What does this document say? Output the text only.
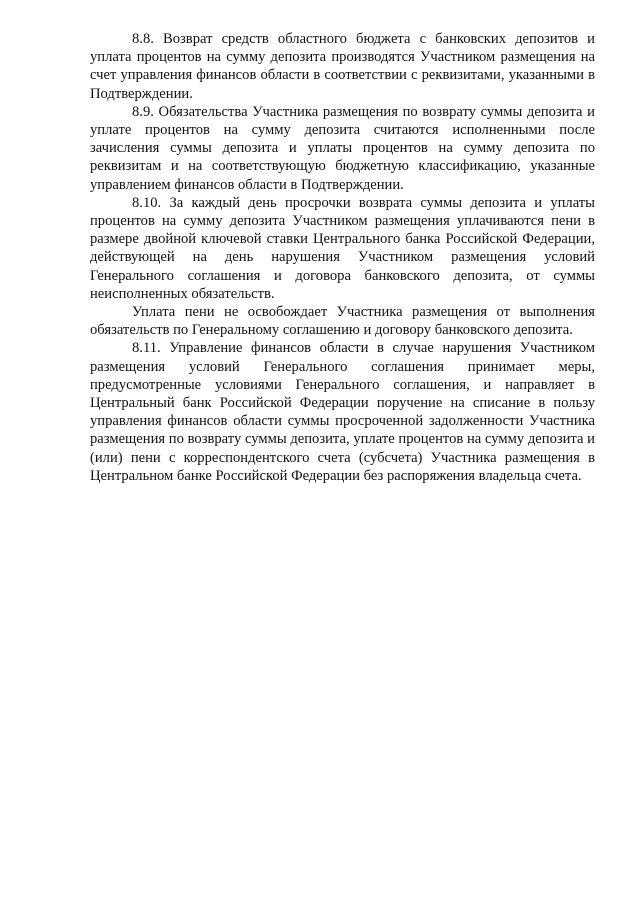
8.8. Возврат средств областного бюджета с банковских депозитов и уплата процентов на сумму депозита производятся Участником размещения на счет управления финансов области в соответствии с реквизитами, указанными в Подтверждении.

8.9. Обязательства Участника размещения по возврату суммы депозита и уплате процентов на сумму депозита считаются исполненными после зачисления суммы депозита и уплаты процентов на сумму депозита по реквизитам и на соответствующую бюджетную классификацию, указанные управлением финансов области в Подтверждении.

8.10. За каждый день просрочки возврата суммы депозита и уплаты процентов на сумму депозита Участником размещения уплачиваются пени в размере двойной ключевой ставки Центрального банка Российской Федерации, действующей на день нарушения Участником размещения условий Генерального соглашения и договора банковского депозита, от суммы неисполненных обязательств.

Уплата пени не освобождает Участника размещения от выполнения обязательств по Генеральному соглашению и договору банковского депозита.

8.11. Управление финансов области в случае нарушения Участником размещения условий Генерального соглашения принимает меры, предусмотренные условиями Генерального соглашения, и направляет в Центральный банк Российской Федерации поручение на списание в пользу управления финансов области суммы просроченной задолженности Участника размещения по возврату суммы депозита, уплате процентов на сумму депозита и (или) пени с корреспондентского счета (субсчета) Участника размещения в Центральном банке Российской Федерации без распоряжения владельца счета.
